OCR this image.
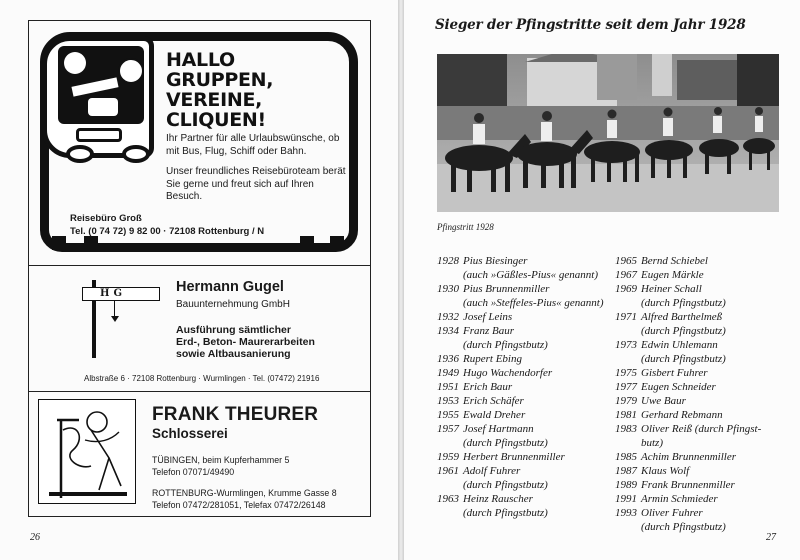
HALLO
GRUPPEN,
VEREINE,
CLIQUEN!

Ihr Partner für alle Urlaubswünsche, ob mit Bus, Flug, Schiff oder Bahn.

Unser freundliches Reisebüroteam berät Sie gerne und freut sich auf Ihren Besuch.

Reisebüro Groß
Tel. (0 74 72) 9 82 00 · 72108 Rottenburg / N
HG	Hermann Gugel
Bauunternehmung GmbH
Ausführung sämtlicher
Erd-, Beton- Maurerarbeiten
sowie Altbausanierung
Albstraße 6 · 72108 Rottenburg · Wurmlingen · Tel. (07472) 21916
FRANK THEURER
Schlosserei
TÜBINGEN, beim Kupferhammer 5
Telefon 07071/49490
ROTTENBURG-Wurmlingen, Krumme Gasse 8
Telefon 07472/281051, Telefax 07472/26148
26
Sieger der Pfingstritte seit dem Jahr 1928
Pfingstritt 1928
1928 Pius Biesinger
(auch »Gäßles-Pius« genannt)
1930 Pius Brunnenmiller
(auch »Steffeles-Pius« genannt)
1932 Josef Leins
1934 Franz Baur
(durch Pfingstbutz)
1936 Rupert Ebing
1949 Hugo Wachendorfer
1951 Erich Baur
1953 Erich Schäfer
1955 Ewald Dreher
1957 Josef Hartmann
(durch Pfingstbutz)
1959 Herbert Brunnenmiller
1961 Adolf Fuhrer
(durch Pfingstbutz)
1963 Heinz Rauscher
(durch Pfingstbutz)
1965 Bernd Schiebel
1967 Eugen Märkle
1969 Heiner Schall
(durch Pfingstbutz)
1971 Alfred Barthelmeß
(durch Pfingstbutz)
1973 Edwin Uhlemann
(durch Pfingstbutz)
1975 Gisbert Fuhrer
1977 Eugen Schneider
1979 Uwe Baur
1981 Gerhard Rebmann
1983 Oliver Reiß (durch Pfingst-
butz)
1985 Achim Brunnenmiller
1987 Klaus Wolf
1989 Frank Brunnenmiller
1991 Armin Schmieder
1993 Oliver Fuhrer
(durch Pfingstbutz)
27
